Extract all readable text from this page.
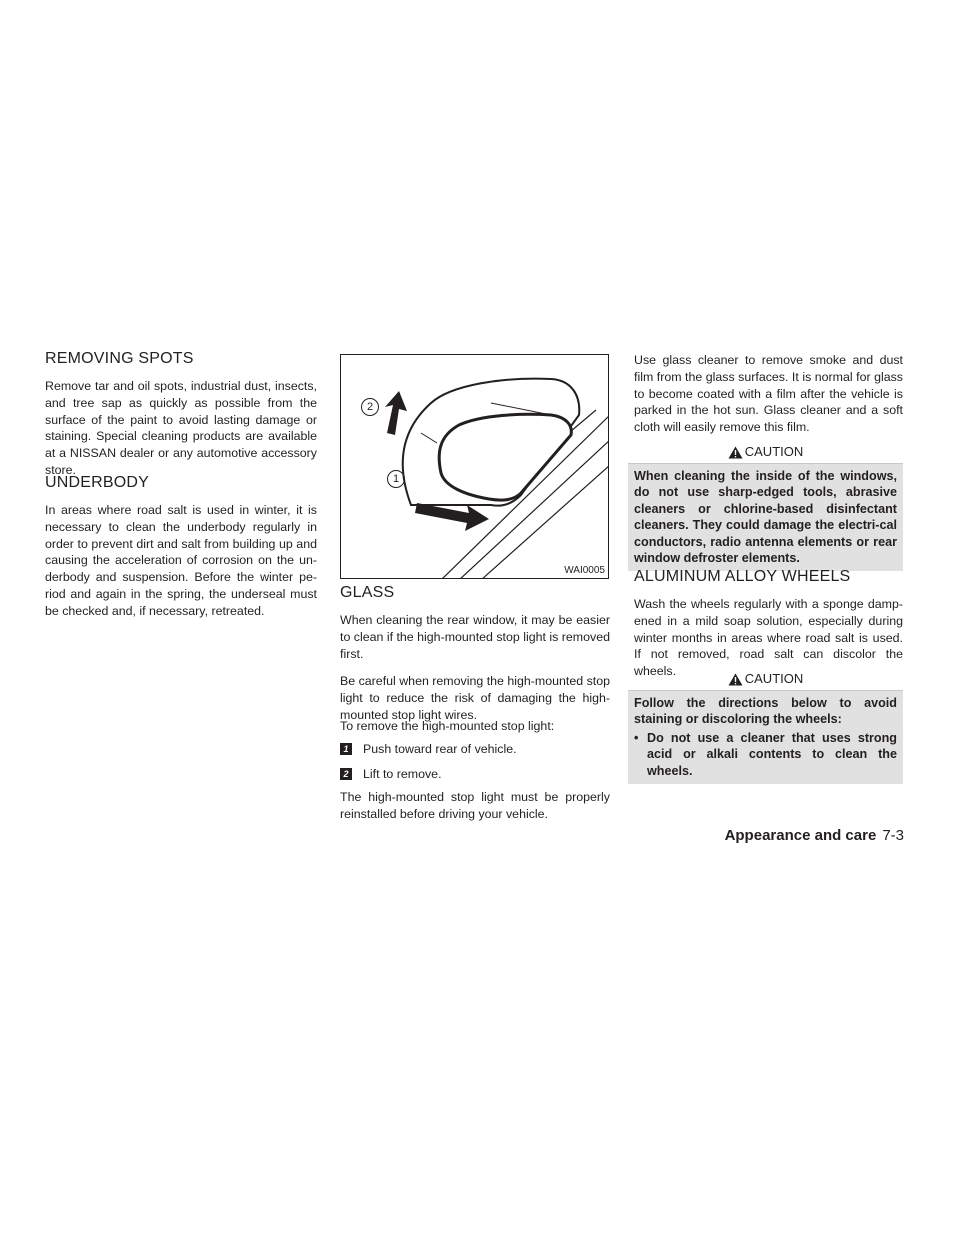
REMOVING SPOTS

Remove tar and oil spots, industrial dust, insects, and tree sap as quickly as possible from the surface of the paint to avoid lasting damage or staining. Special cleaning products are available at a NISSAN dealer or any automotive accessory store.

UNDERBODY

In areas where road salt is used in winter, it is necessary to clean the underbody regularly in order to prevent dirt and salt from building up and causing the acceleration of corrosion on the un-derbody and suspension. Before the winter pe-riod and again in the spring, the underseal must be checked and, if necessary, retreated.

2
1
WAI0005
GLASS

When cleaning the rear window, it may be easier to clean if the high-mounted stop light is removed first.

Be careful when removing the high-mounted stop light to reduce the risk of damaging the high-mounted stop light wires.

To remove the high-mounted stop light:

1 Push toward rear of vehicle.
2 Lift to remove.

The high-mounted stop light must be properly reinstalled before driving your vehicle.

Use glass cleaner to remove smoke and dust film from the glass surfaces. It is normal for glass to become coated with a film after the vehicle is parked in the hot sun. Glass cleaner and a soft cloth will easily remove this film.

CAUTION
When cleaning the inside of the windows, do not use sharp-edged tools, abrasive cleaners or chlorine-based disinfectant cleaners. They could damage the electri-cal conductors, radio antenna elements or rear window defroster elements.
ALUMINUM ALLOY WHEELS

Wash the wheels regularly with a sponge damp-ened in a mild soap solution, especially during winter months in areas where road salt is used. If not removed, road salt can discolor the wheels.	CAUTION
Follow the directions below to avoid staining or discoloring the wheels:
• Do not use a cleaner that uses strong acid or alkali contents to clean the wheels.
Appearance and care 7-3
